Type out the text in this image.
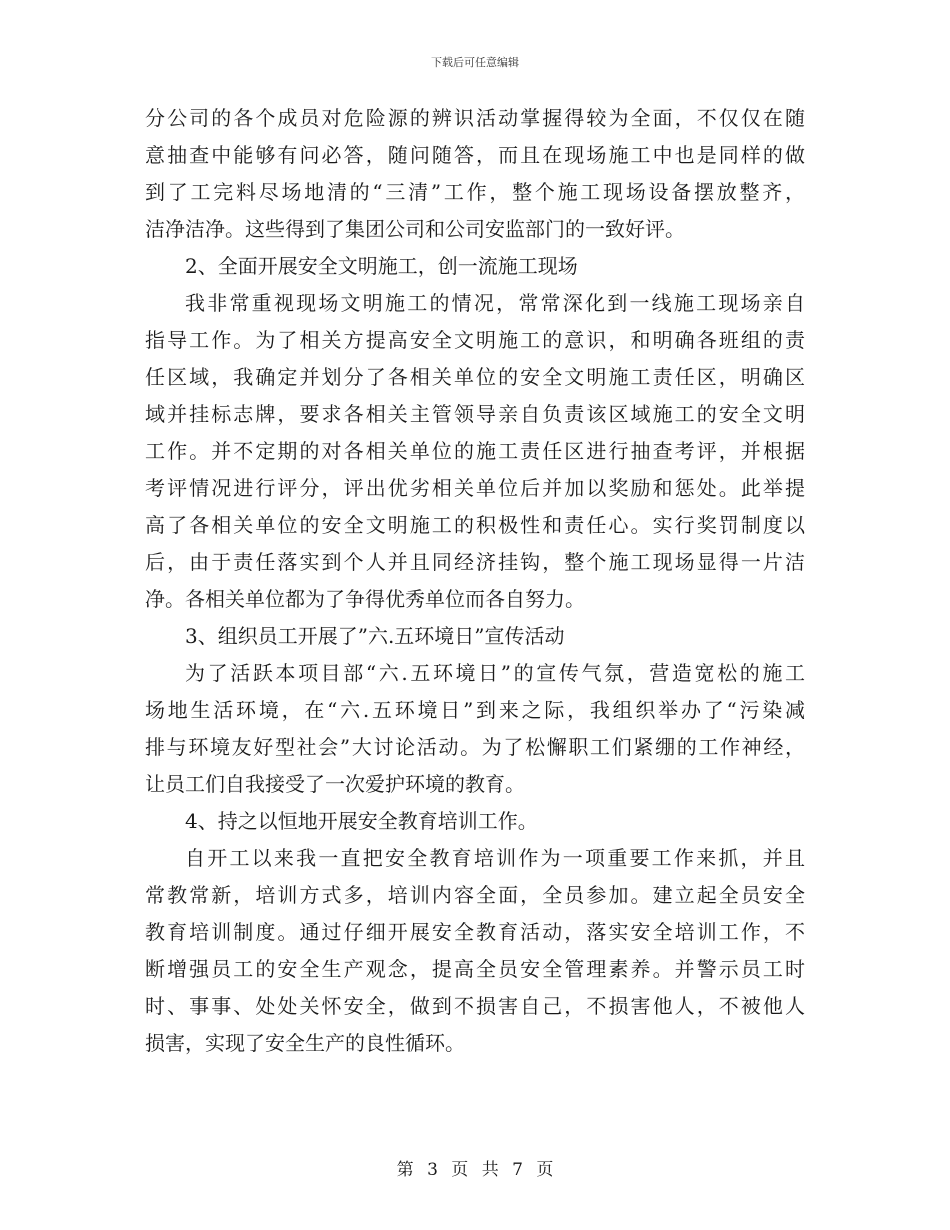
下载后可任意编辑
分公司的各个成员对危险源的辨识活动掌握得较为全面，不仅仅在随
意抽查中能够有问必答，随问随答，而且在现场施工中也是同样的做
到了工完料尽场地清的“三清”工作，整个施工现场设备摆放整齐，
洁净洁净。这些得到了集团公司和公司安监部门的一致好评。
2、全面开展安全文明施工，创一流施工现场
我非常重视现场文明施工的情况，常常深化到一线施工现场亲自
指导工作。为了相关方提高安全文明施工的意识，和明确各班组的责
任区域，我确定并划分了各相关单位的安全文明施工责任区，明确区
域并挂标志牌，要求各相关主管领导亲自负责该区域施工的安全文明
工作。并不定期的对各相关单位的施工责任区进行抽查考评，并根据
考评情况进行评分，评出优劣相关单位后并加以奖励和惩处。此举提
高了各相关单位的安全文明施工的积极性和责任心。实行奖罚制度以
后，由于责任落实到个人并且同经济挂钩，整个施工现场显得一片洁
净。各相关单位都为了争得优秀单位而各自努力。
3、组织员工开展了”六.五环境日”宣传活动
为了活跃本项目部“六.五环境日”的宣传气氛，营造宽松的施工
场地生活环境，在“六.五环境日”到来之际，我组织举办了“污染减
排与环境友好型社会”大讨论活动。为了松懈职工们紧绷的工作神经，
让员工们自我接受了一次爱护环境的教育。
4、持之以恒地开展安全教育培训工作。
自开工以来我一直把安全教育培训作为一项重要工作来抓，并且
常教常新，培训方式多，培训内容全面，全员参加。建立起全员安全
教育培训制度。通过仔细开展安全教育活动，落实安全培训工作，不
断增强员工的安全生产观念，提高全员安全管理素养。并警示员工时
时、事事、处处关怀安全，做到不损害自己，不损害他人，不被他人
损害，实现了安全生产的良性循环。
第 3 页 共 7 页
